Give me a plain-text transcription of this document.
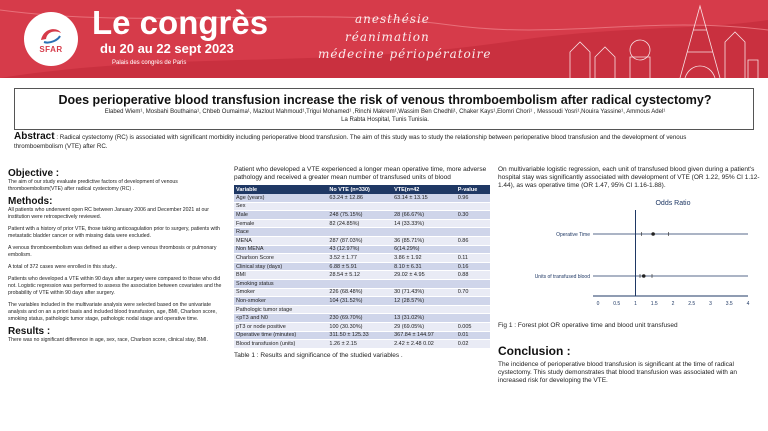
SFAR
Le congrès
du 20 au 22 sept 2023
Palais des congrès de Paris
anesthésie
réanimation
médecine périopératoire
Does perioperative blood transfusion increase the risk of venous thromboembolism after radical cystectomy?
Elabed Wiem¹, Mosbahi Bouthaina¹, Chbeb Oumaima¹, Mazlout Mahmoud¹,Trigui Mohamed¹ ,Rinchi Makrem¹,Wassim Ben Chedhli¹, Chaker Kays¹,Elomri Chori¹ , Messoudi Yosri¹,Nouira Yassine¹, Ammous Adel¹
La Rabta Hospital, Tunis Tunisia.
Abstract : Radical cystectomy (RC) is associated with significant morbidity including perioperative blood transfusion. The aim of this study was to study the relationship between perioperative blood transfusion and the development of venous thromboembolism (VTE) after RC.
Objective :

The aim of our study evaluate predictive factors of development of venous thromboembolism(VTE) after radical cystectomy (RC) .

Methods:

All patients who underwent open RC between January 2006 and December 2021 at our institution were retrospectively reviewed.

Patient with a history of prior VTE, those taking anticoagulation prior to surgery, patients with metastatic bladder cancer or with missing data were excluded.

A venous thromboembolism was defined as either a deep venous thrombosis or pulmonary embolism.

A total of 372 cases were enrolled in this study..

Patients who developed a VTE within 90 days after surgery were compared to those who did not. Logistic regression was performed to assess the association between covariates and the probability of VTE within 90 days after surgery.

The variables included in the multivariate analysis were selected based on the univariate analysis and on an a priori basis and included blood transfusion, age, BMI, Charlson score, smoking status, pathologic tumor stage, pathologic nodal stage and operative time.

Results :

There was no significant difference in age, sex, race, Charlson score, clinical stay, BMI.

Patient who developed a VTE experienced a longer mean operative time, more adverse pathology and received a greater mean number of transfused units of blood
Variable	No VTE (n=330)	VTE(n=42	P-value
Age (years)	63.24 ± 12.86	63.14 ± 13.15	0.96
Sex			
Male	248 (75.15%)	28 (66.67%)	0.30
Female	82 (24.85%)	14 (33.33%)	
Race			
MENA	287 (87.03%)	36 (85.71%)	0.86
Non MENA	43 (12.97%)	6(14.29%)	
Charlson Score	3.52 ± 1.77	3.86 ± 1.92	0.11
Clinical stay (days)	6.88 ± 5.91	8.10 ± 6.31	0.16
BMI	28.54 ± 5.12	29.02 ± 4.95	0.88
Smoking status			
Smoker	226 (68.48%)	30 (71.43%)	0.70
Non-smoker	104 (31.52%)	12 (28.57%)	
Pathologic tumor stage			
<pT3 and N0	230 (69.70%)	13 (31.02%)	
pT3 or node positive	100 (30.30%)	29 (69.05%)	0.005
Operative time (minutes)	311.50 ± 125.33	367.84 ± 144.97	0.01
Blood transfusion (units)	1.26 ± 2.15	2.42 ± 2.48 0.02	0.02
Table 1 : Results and significance of the studied variables .
On multivariable logistic regression, each unit of transfused blood given during a patient's hospital stay was significantly associated with development of VTE (OR 1.22, 95% CI 1.12-1.44), as was operative time (OR 1.47, 95% CI 1.16-1.88).
Odds Ratio
0	0.5	1	1.5	2	2.5	3	3.5	4
Operative Time
Units of transfused blood
Fig 1 : Forest plot OR operative time and blood unit transfused
Conclusion :
The incidence of perioperative blood transfusion is significant at the time of radical cystectomy. This study demonstrates that blood transfusion was associated with an increased risk for developing the VTE.
